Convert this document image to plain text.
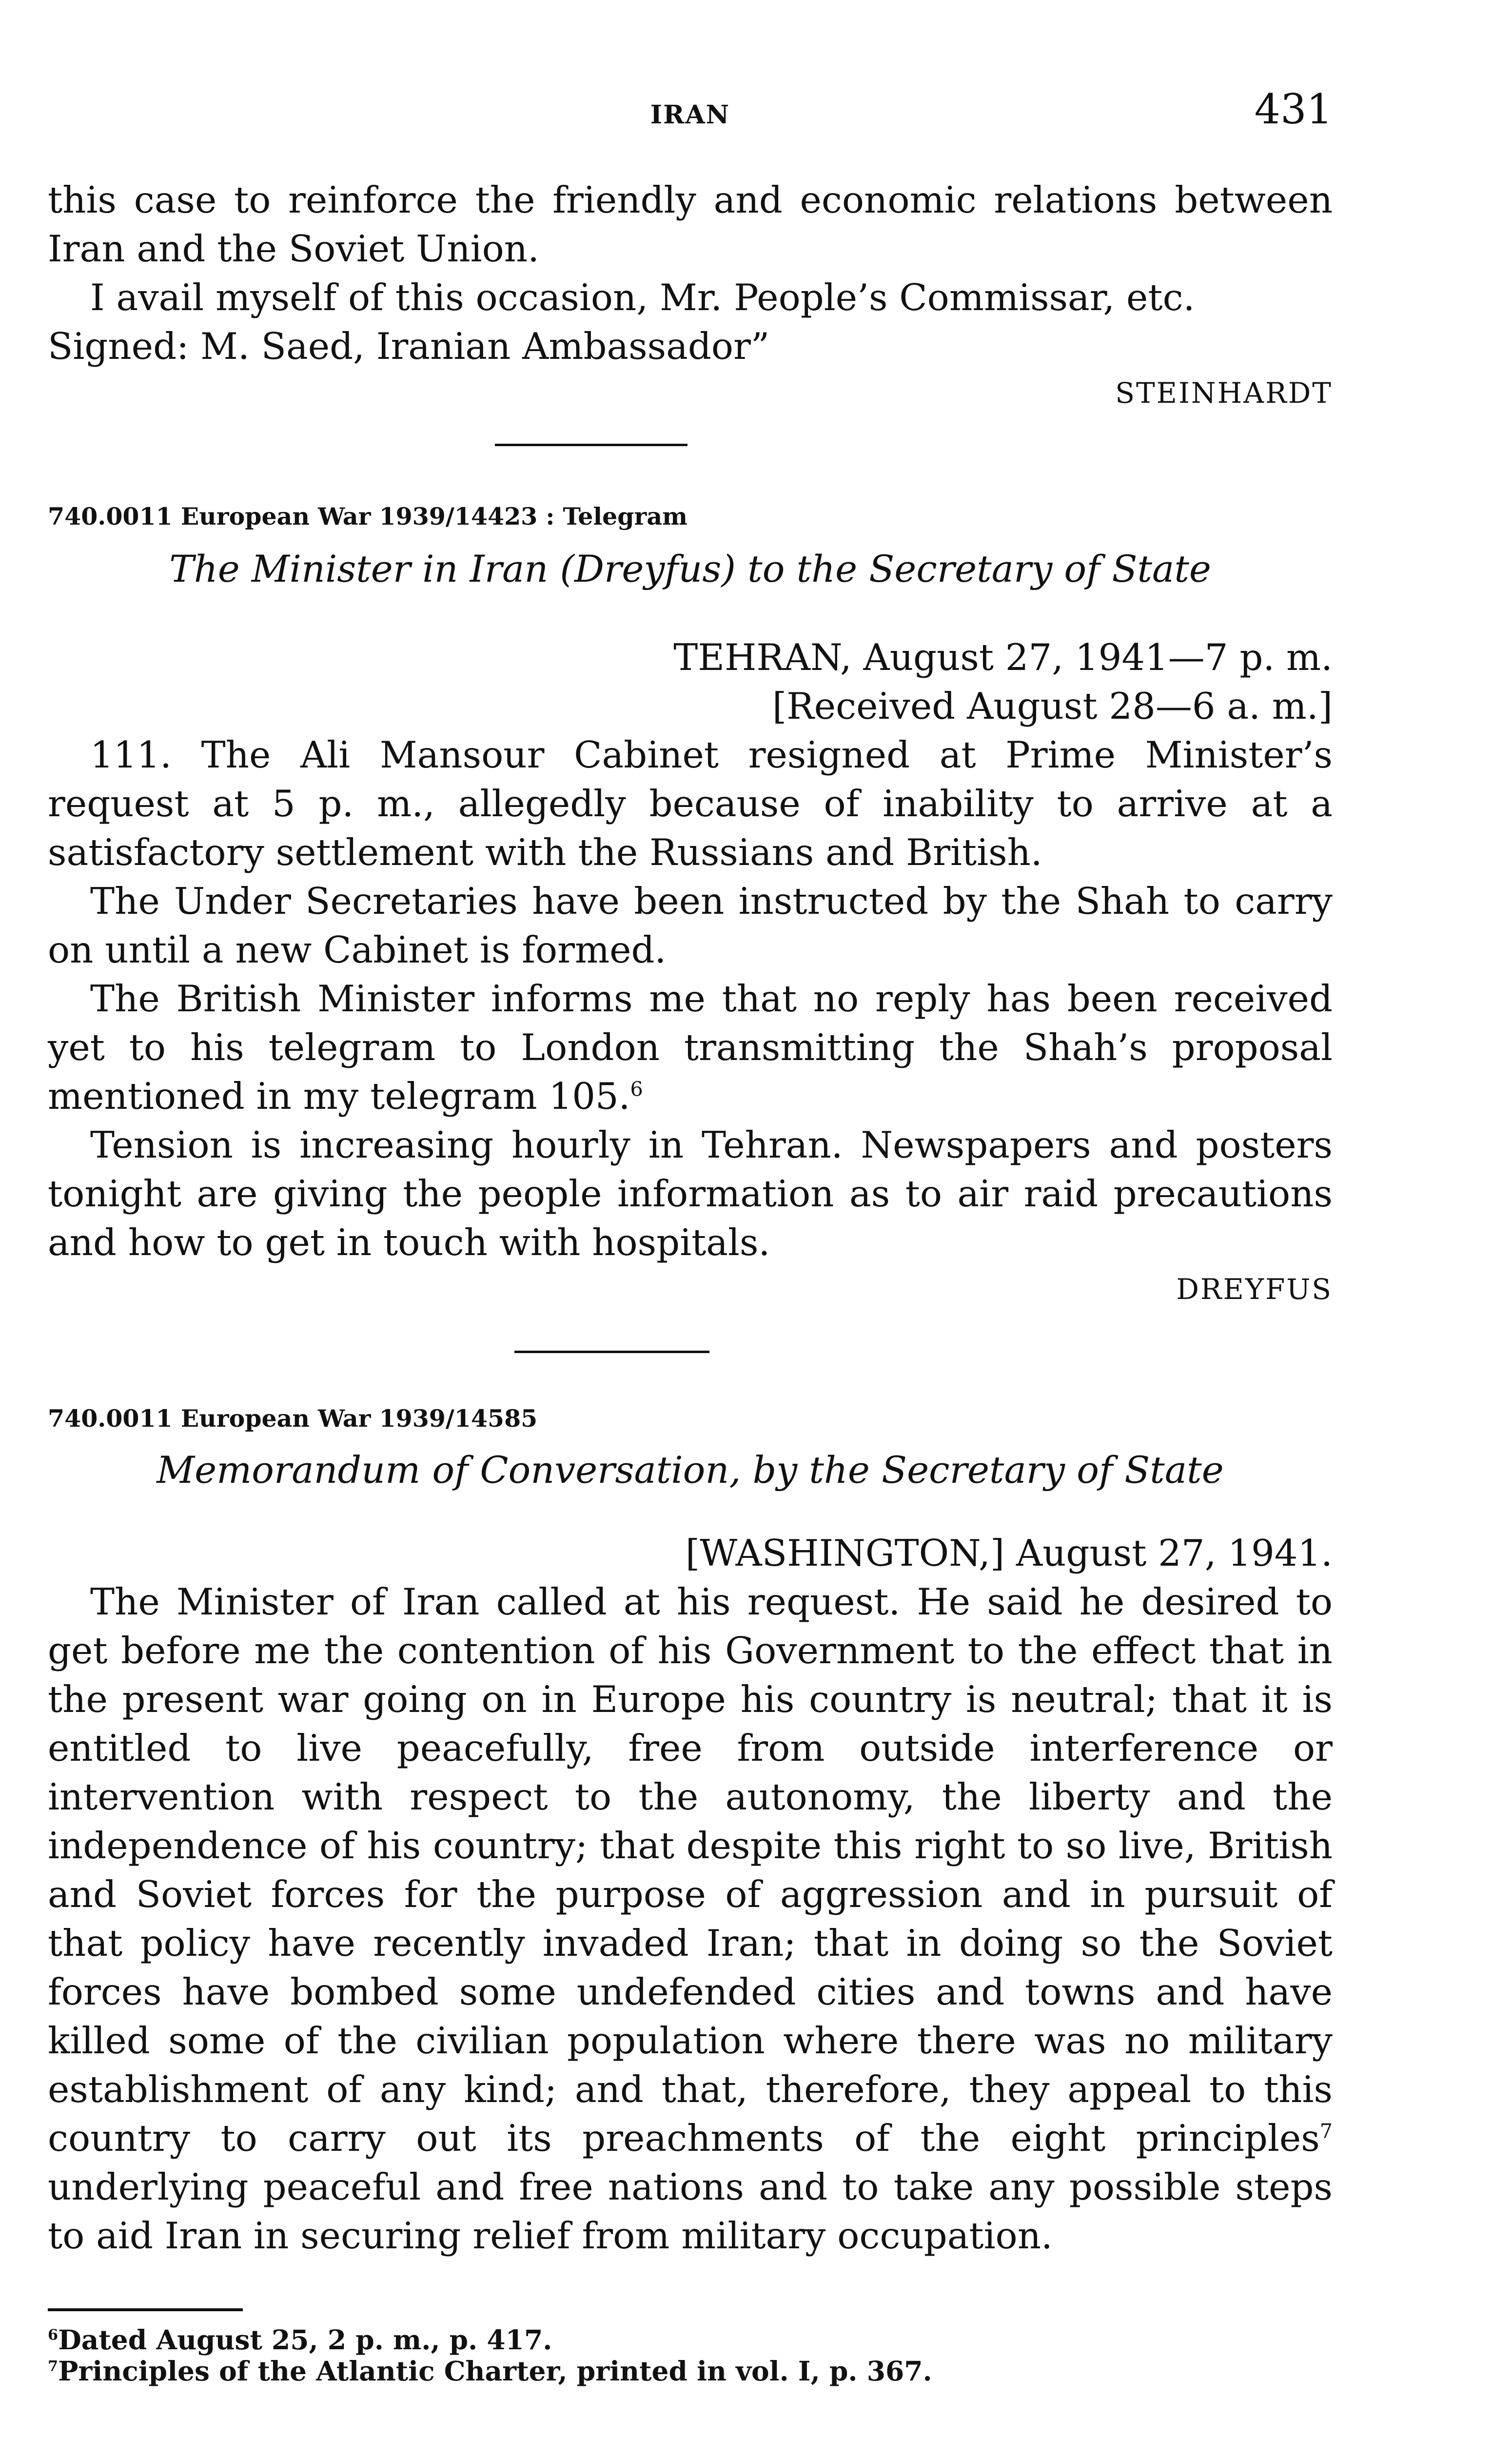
IRAN	431

this case to reinforce the friendly and economic relations between Iran and the Soviet Union.

I avail myself of this occasion, Mr. People’s Commissar, etc.

Signed: M. Saed, Iranian Ambassador”

STEINHARDT
740.0011 European War 1939/14423 : Telegram
The Minister in Iran (Dreyfus) to the Secretary of State
TEHRAN, August 27, 1941—7 p. m.
[Received August 28—6 a. m.]

111. The Ali Mansour Cabinet resigned at Prime Minister’s request at 5 p. m., allegedly because of inability to arrive at a satisfactory settlement with the Russians and British.

The Under Secretaries have been instructed by the Shah to carry on until a new Cabinet is formed.

The British Minister informs me that no reply has been received yet to his telegram to London transmitting the Shah’s proposal mentioned in my telegram 105.$^6$

Tension is increasing hourly in Tehran. Newspapers and posters tonight are giving the people information as to air raid precautions and how to get in touch with hospitals.

DREYFUS
740.0011 European War 1939/14585
Memorandum of Conversation, by the Secretary of State
[WASHINGTON,] August 27, 1941.

The Minister of Iran called at his request. He said he desired to get before me the contention of his Government to the effect that in the present war going on in Europe his country is neutral; that it is entitled to live peacefully, free from outside interference or intervention with respect to the autonomy, the liberty and the independence of his country; that despite this right to so live, British and Soviet forces for the purpose of aggression and in pursuit of that policy have recently invaded Iran; that in doing so the Soviet forces have bombed some undefended cities and towns and have killed some of the civilian population where there was no military establishment of any kind; and that, therefore, they appeal to this country to carry out its preachments of the eight principles$^7$ underlying peaceful and free nations and to take any possible steps to aid Iran in securing relief from military occupation.

$^6$Dated August 25, 2 p. m., p. 417.
$^7$Principles of the Atlantic Charter, printed in vol. I, p. 367.
